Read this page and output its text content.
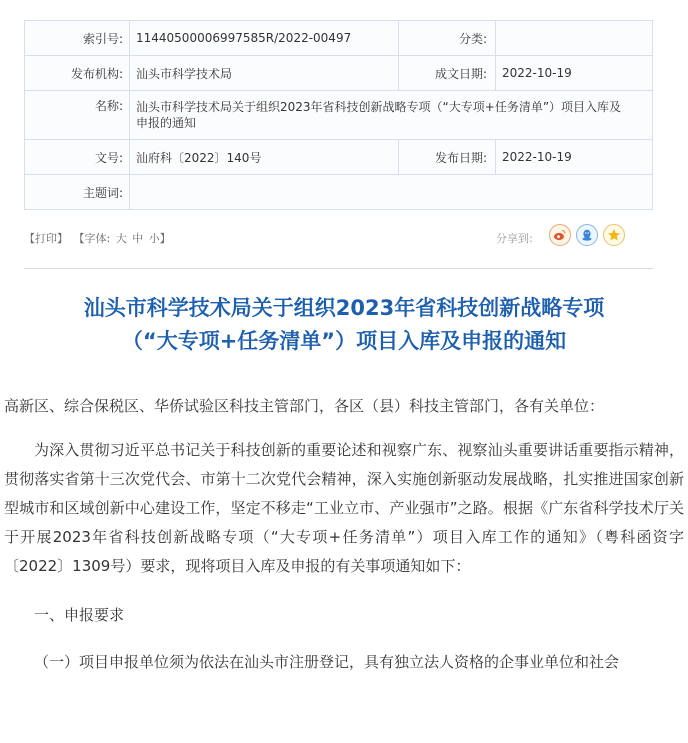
索引号:	11440500006997585R/2022-00497	分类:	
发布机构:	汕头市科学技术局	成文日期:	2022-10-19
名称:	汕头市科学技术局关于组织2023年省科技创新战略专项（“大专项+任务清单”）项目入库及申报的通知		
文号:	汕府科〔2022〕140号	发布日期:	2022-10-19
主题词:			
【打印】 【字体: 大 中 小】	分享到:
汕头市科学技术局关于组织2023年省科技创新战略专项
（“大专项+任务清单”）项目入库及申报的通知

高新区、综合保税区、华侨试验区科技主管部门，各区（县）科技主管部门，各有关单位：

为深入贯彻习近平总书记关于科技创新的重要论述和视察广东、视察汕头重要讲话重要指示精神，贯彻落实省第十三次党代会、市第十二次党代会精神，深入实施创新驱动发展战略，扎实推进国家创新型城市和区域创新中心建设工作，坚定不移走“工业立市、产业强市”之路。根据《广东省科学技术厅关于开展2023年省科技创新战略专项（“大专项+任务清单”）项目入库工作的通知》（粤科函资字〔2022〕1309号）要求，现将项目入库及申报的有关事项通知如下：

一、申报要求

（一）项目申报单位须为依法在汕头市注册登记，具有独立法人资格的企事业单位和社会
